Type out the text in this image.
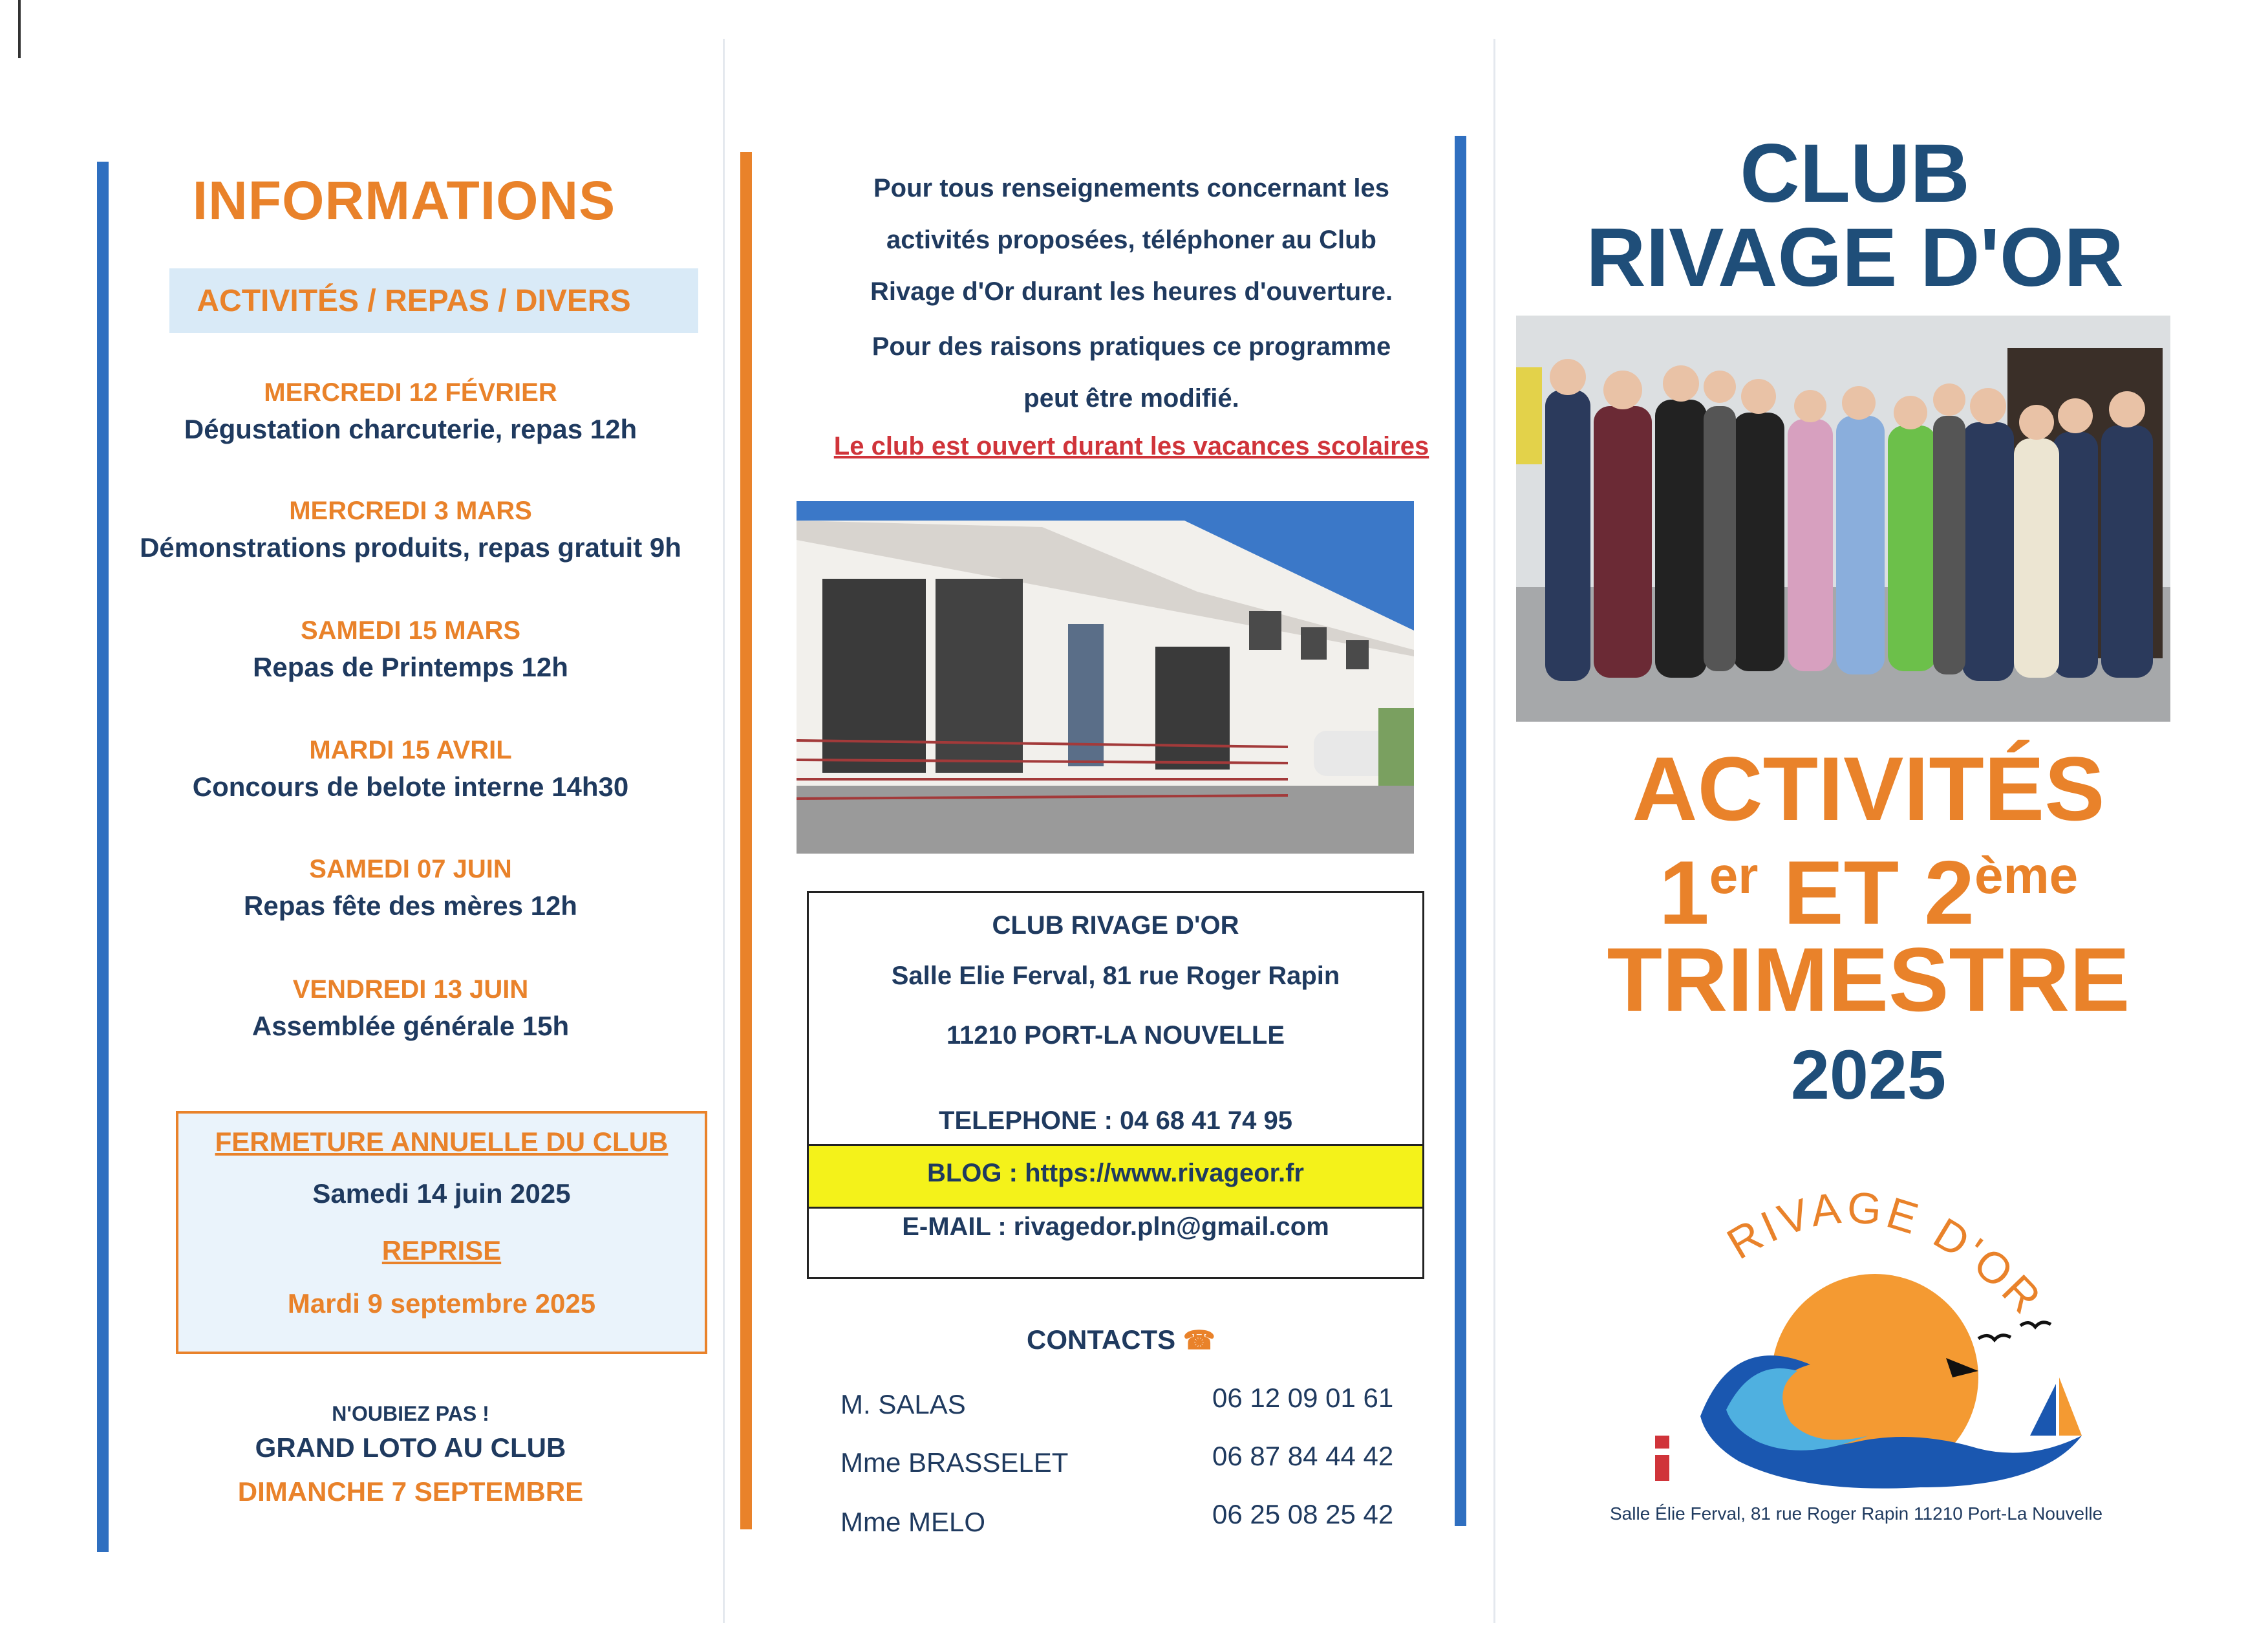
INFORMATIONS
ACTIVITÉS / REPAS / DIVERS
MERCREDI 12 FÉVRIER
Dégustation charcuterie, repas 12h
MERCREDI 3 MARS
Démonstrations produits, repas gratuit 9h
SAMEDI 15 MARS
Repas de Printemps 12h
MARDI 15 AVRIL
Concours de belote interne 14h30
SAMEDI 07 JUIN
Repas fête des mères 12h
VENDREDI 13 JUIN
Assemblée générale 15h
FERMETURE ANNUELLE DU CLUB
Samedi 14 juin 2025
REPRISE
Mardi 9 septembre 2025
N'OUBIEZ PAS !
GRAND LOTO AU CLUB
DIMANCHE 7 SEPTEMBRE
Pour tous renseignements concernant les
activités proposées, téléphoner au Club
Rivage d'Or durant les heures d'ouverture.
Pour des raisons pratiques ce programme
peut être modifié.
Le club est ouvert durant les vacances scolaires
CLUB RIVAGE D'OR
Salle Elie Ferval, 81 rue Roger Rapin
11210 PORT-LA NOUVELLE
TELEPHONE : 04 68 41 74 95
BLOG : https://www.rivageor.fr
E-MAIL : rivagedor.pln@gmail.com
CONTACTS ☎
M. SALAS	06 12 09 01 61
Mme BRASSELET	06 87 84 44 42
Mme MELO	06 25 08 25 42
CLUB
RIVAGE D'OR
ACTIVITÉS
1er ET 2ème
TRIMESTRE
2025
RIVAGE D'OR
Salle Élie Ferval, 81 rue Roger Rapin 11210 Port-La Nouvelle
